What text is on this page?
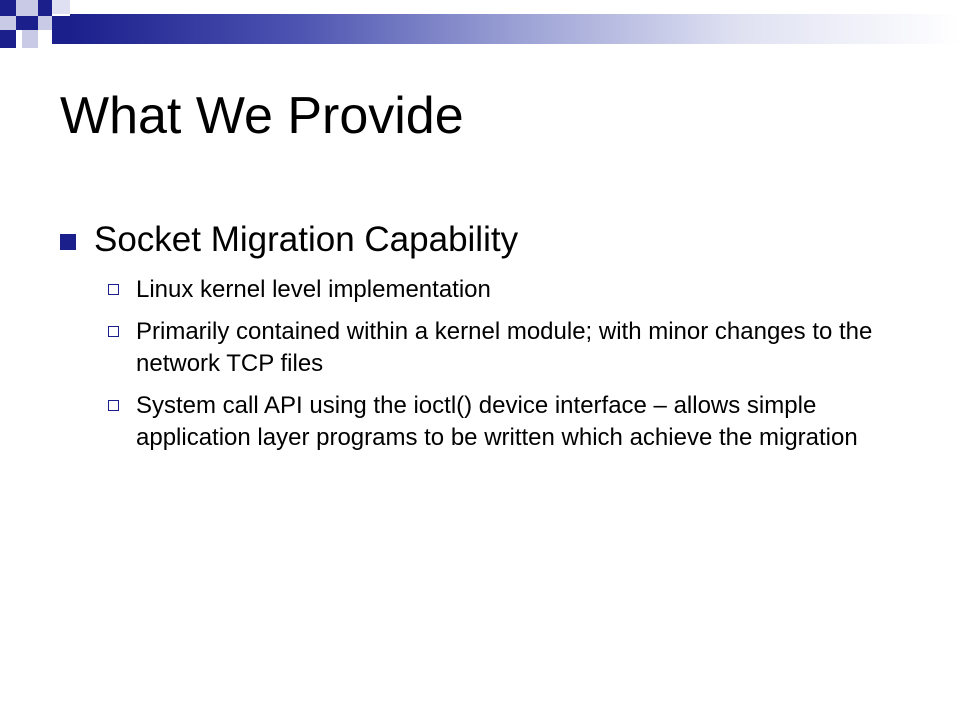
What We Provide
Socket Migration Capability
Linux kernel level implementation
Primarily contained within a kernel module; with minor changes to the network TCP files
System call API using the ioctl() device interface – allows simple application layer programs to be written which achieve the migration
